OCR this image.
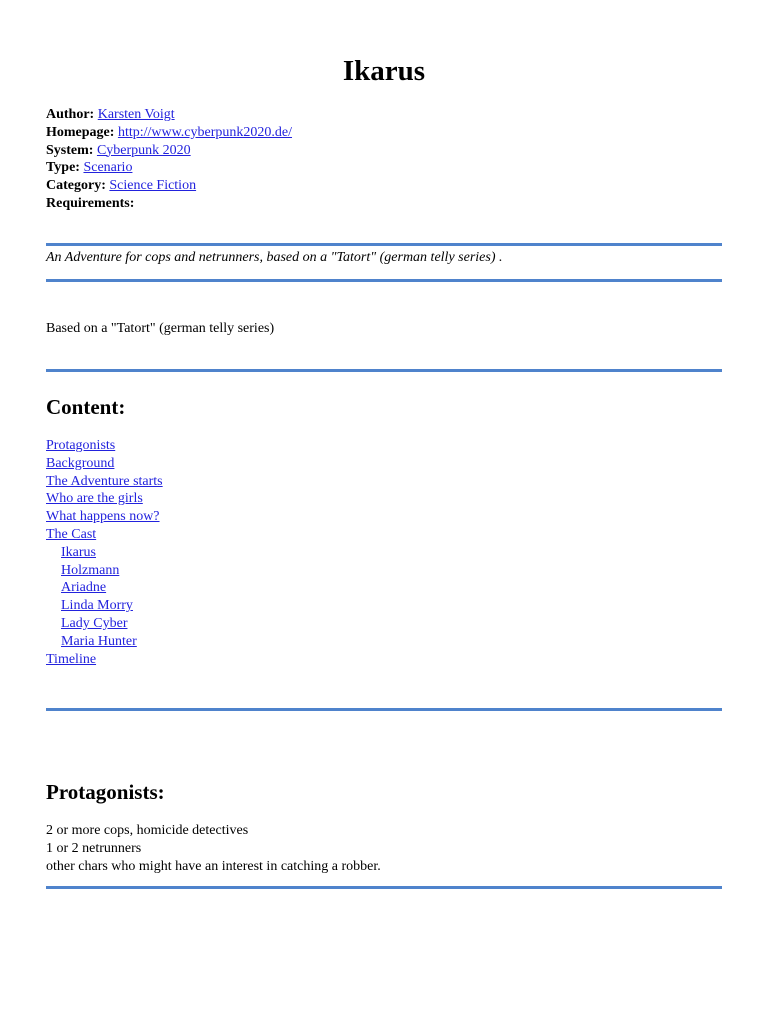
Ikarus
Author: Karsten Voigt
Homepage: http://www.cyberpunk2020.de/
System: Cyberpunk 2020
Type: Scenario
Category: Science Fiction
Requirements:
An Adventure for cops and netrunners, based on a "Tatort" (german telly series) .
Based on a "Tatort" (german telly series)
Content:
Protagonists
Background
The Adventure starts
Who are the girls
What happens now?
The Cast
Ikarus
Holzmann
Ariadne
Linda Morry
Lady Cyber
Maria Hunter
Timeline
Protagonists:
2 or more cops, homicide detectives
1 or 2 netrunners
other chars who might have an interest in catching a robber.
